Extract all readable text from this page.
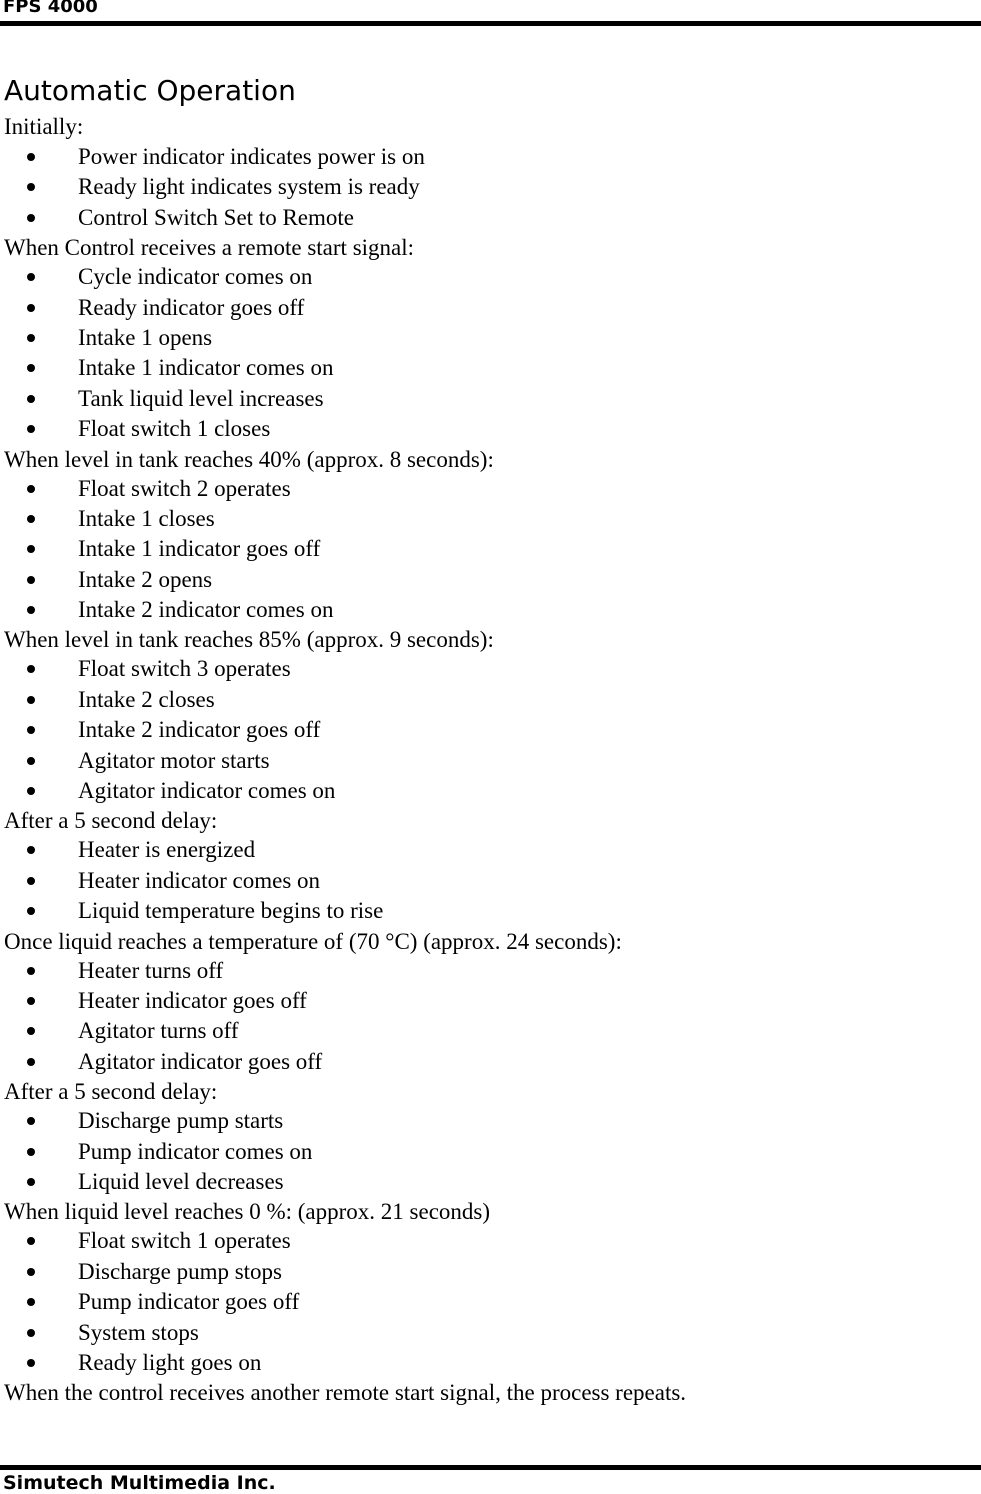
FPS 4000
Automatic Operation
Initially:
Power indicator indicates power is on
Ready light indicates system is ready
Control Switch Set to Remote
When Control receives a remote start signal:
Cycle indicator comes on
Ready indicator goes off
Intake 1 opens
Intake 1 indicator comes on
Tank liquid level increases
Float switch 1 closes
When level in tank reaches 40% (approx. 8 seconds):
Float switch 2 operates
Intake 1 closes
Intake 1 indicator goes off
Intake 2 opens
Intake 2 indicator comes on
When level in tank reaches 85% (approx. 9 seconds):
Float switch 3 operates
Intake 2 closes
Intake 2 indicator goes off
Agitator motor starts
Agitator indicator comes on
After a 5 second delay:
Heater is energized
Heater indicator comes on
Liquid temperature begins to rise
Once liquid reaches a temperature of (70 °C) (approx. 24 seconds):
Heater turns off
Heater indicator goes off
Agitator turns off
Agitator indicator goes off
After a 5 second delay:
Discharge pump starts
Pump indicator comes on
Liquid level decreases
When liquid level reaches 0 %: (approx. 21 seconds)
Float switch 1 operates
Discharge pump stops
Pump indicator goes off
System stops
Ready light goes on
When the control receives another remote start signal, the process repeats.
Simutech Multimedia Inc.
